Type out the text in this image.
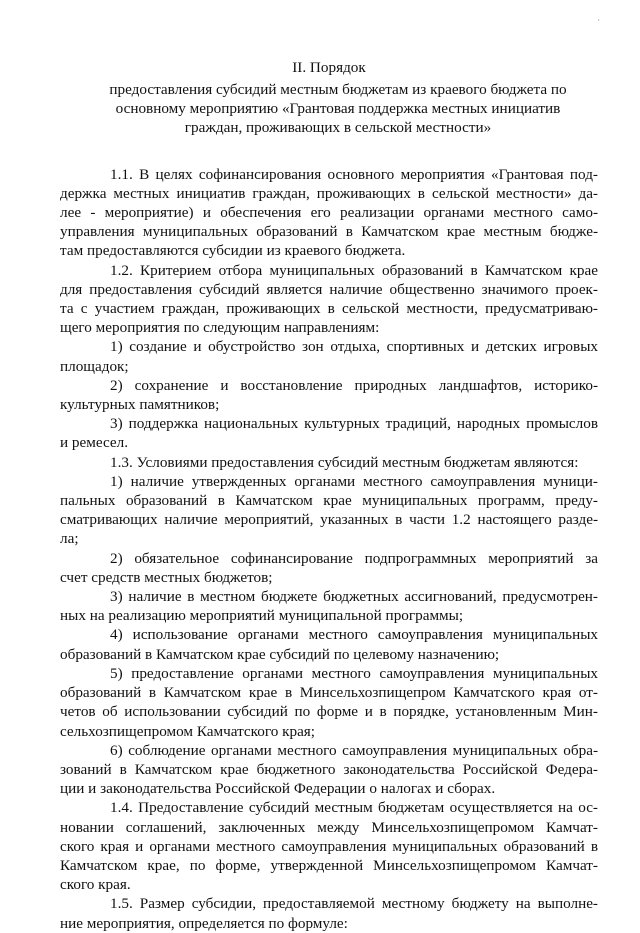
·
II. Порядок
предоставления субсидий местным бюджетам из краевого бюджета по
основному мероприятию «Грантовая поддержка местных инициатив
граждан, проживающих в сельской местности»
1.1. В целях софинансирования основного мероприятия «Грантовая под-
держка местных инициатив граждан, проживающих в сельской местности» да-
лее - мероприятие) и обеспечения его реализации органами местного само-
управления муниципальных образований в Камчатском крае местным бюдже-
там предоставляются субсидии из краевого бюджета.
1.2. Критерием отбора муниципальных образований в Камчатском крае
для предоставления субсидий является наличие общественно значимого проек-
та с участием граждан, проживающих в сельской местности, предусматриваю-
щего мероприятия по следующим направлениям:
1) создание и обустройство зон отдыха, спортивных и детских игровых
площадок;
2) сохранение и восстановление природных ландшафтов, историко-
культурных памятников;
3) поддержка национальных культурных традиций, народных промыслов
и ремесел.
1.3. Условиями предоставления субсидий местным бюджетам являются:
1) наличие утвержденных органами местного самоуправления муници-
пальных образований в Камчатском крае муниципальных программ, преду-
сматривающих наличие мероприятий, указанных в части 1.2 настоящего разде-
ла;
2) обязательное софинансирование подпрограммных мероприятий за
счет средств местных бюджетов;
3) наличие в местном бюджете бюджетных ассигнований, предусмотрен-
ных на реализацию мероприятий муниципальной программы;
4) использование органами местного самоуправления муниципальных
образований в Камчатском крае субсидий по целевому назначению;
5) предоставление органами местного самоуправления муниципальных
образований в Камчатском крае в Минсельхозпищепром Камчатского края от-
четов об использовании субсидий по форме и в порядке, установленным Мин-
сельхозпищепромом Камчатского края;
6) соблюдение органами местного самоуправления муниципальных обра-
зований в Камчатском крае бюджетного законодательства Российской Федера-
ции и законодательства Российской Федерации о налогах и сборах.
1.4. Предоставление субсидий местным бюджетам осуществляется на ос-
новании соглашений, заключенных между Минсельхозпищепромом Камчат-
ского края и органами местного самоуправления муниципальных образований в
Камчатском крае, по форме, утвержденной Минсельхозпищепромом Камчат-
ского края.
1.5. Размер субсидии, предоставляемой местному бюджету на выполне-
ние мероприятия, определяется по формуле:
